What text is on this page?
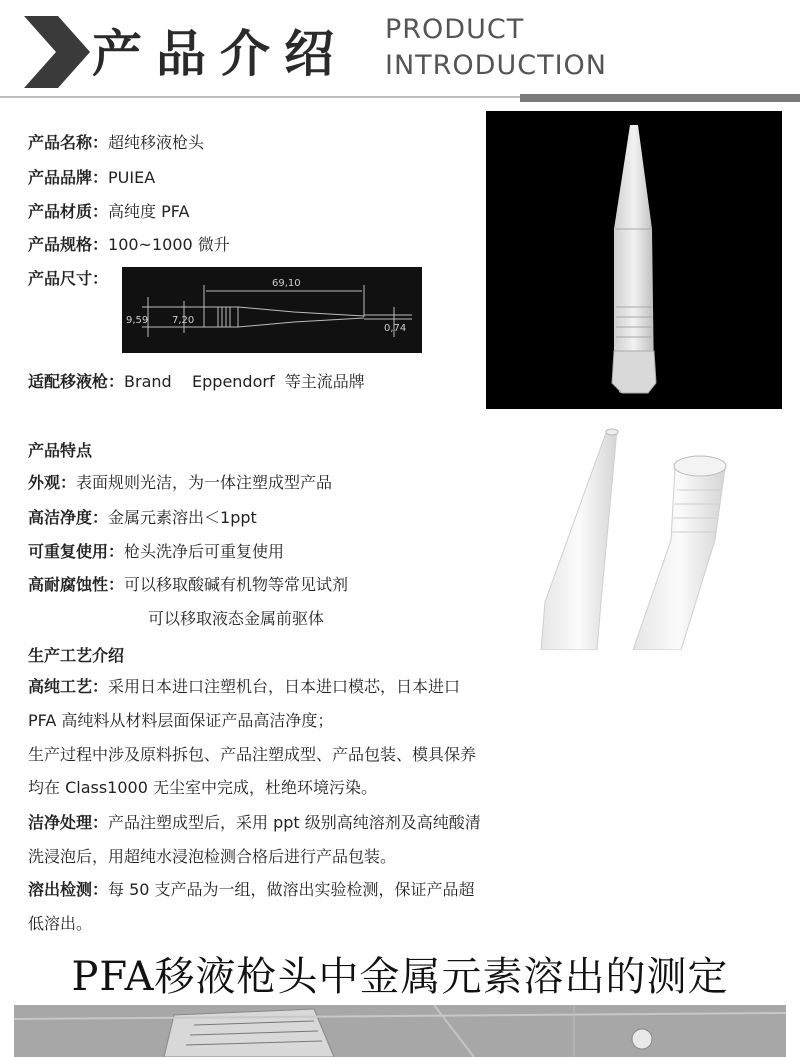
产品介绍 PRODUCT
INTRODUCTION
产品名称：超纯移液枪头
产品品牌：PUIEA
产品材质：高纯度 PFA
产品规格：100~1000 微升
产品尺寸：	69,10
9,59 7,20
0,74
适配移液枪：Brand    Eppendorf  等主流品牌
产品特点
外观：表面规则光洁，为一体注塑成型产品
高洁净度：金属元素溶出＜1ppt
可重复使用：枪头洗净后可重复使用
高耐腐蚀性：可以移取酸碱有机物等常见试剂
可以移取液态金属前驱体
生产工艺介绍
高纯工艺：采用日本进口注塑机台，日本进口模芯，日本进口
PFA 高纯料从材料层面保证产品高洁净度；
生产过程中涉及原料拆包、产品注塑成型、产品包装、模具保养
均在 Class1000 无尘室中完成，杜绝环境污染。
洁净处理：产品注塑成型后，采用 ppt 级别高纯溶剂及高纯酸清
洗浸泡后，用超纯水浸泡检测合格后进行产品包装。
溶出检测：每 50 支产品为一组，做溶出实验检测，保证产品超
低溶出。
PFA移液枪头中金属元素溶出的测定
